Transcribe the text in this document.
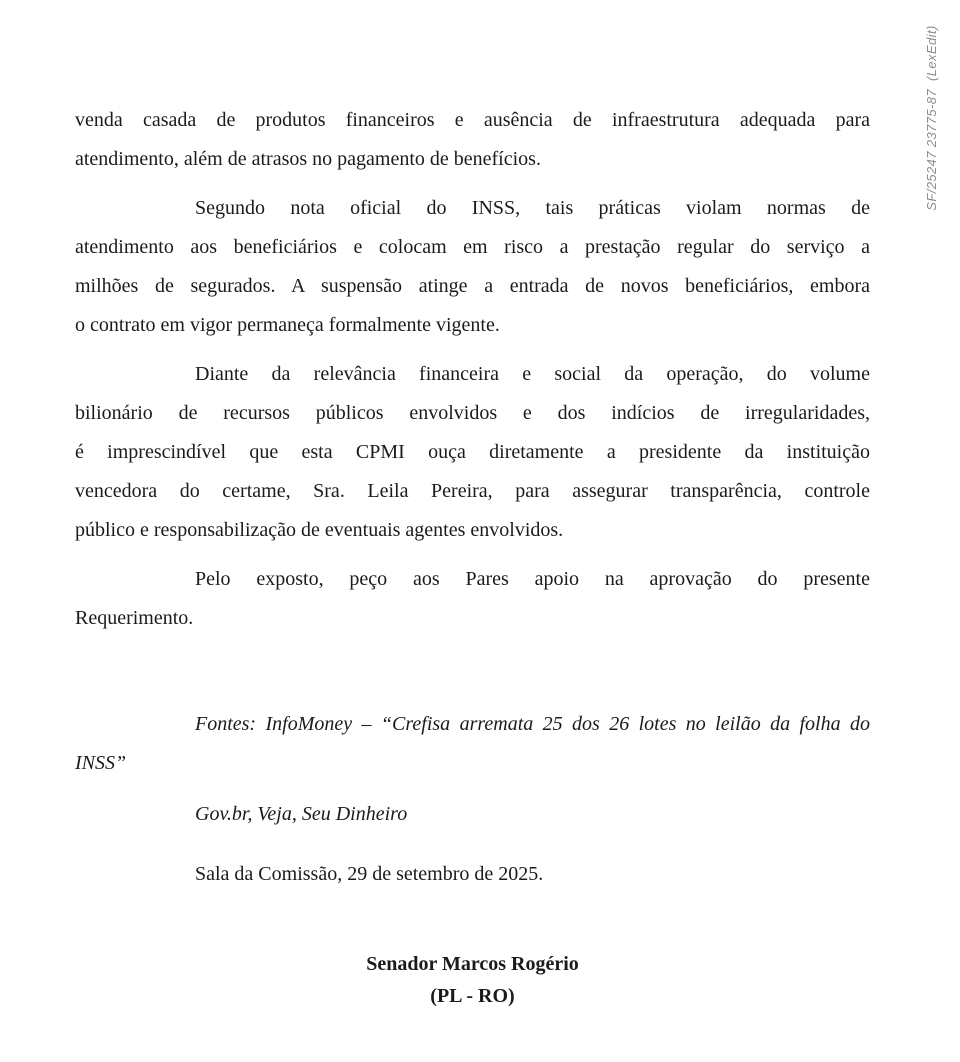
SF/25247 23775-87  (LexEdit)
venda casada de produtos financeiros e ausência de infraestrutura adequada para
atendimento, além de atrasos no pagamento de benefícios.
Segundo nota oficial do INSS, tais práticas violam normas de
atendimento aos beneficiários e colocam em risco a prestação regular do serviço a
milhões de segurados. A suspensão atinge a entrada de novos beneficiários, embora
o contrato em vigor permaneça formalmente vigente.
Diante da relevância financeira e social da operação, do volume
bilionário de recursos públicos envolvidos e dos indícios de irregularidades,
é imprescindível que esta CPMI ouça diretamente a presidente da instituição
vencedora do certame, Sra. Leila Pereira, para assegurar transparência, controle
público e responsabilização de eventuais agentes envolvidos.
Pelo exposto, peço aos Pares apoio na aprovação do presente
Requerimento.
Fontes: InfoMoney – “Crefisa arremata 25 dos 26 lotes no leilão da folha do
INSS”
Gov.br, Veja, Seu Dinheiro
Sala da Comissão, 29 de setembro de 2025.
Senador Marcos Rogério
(PL - RO)
